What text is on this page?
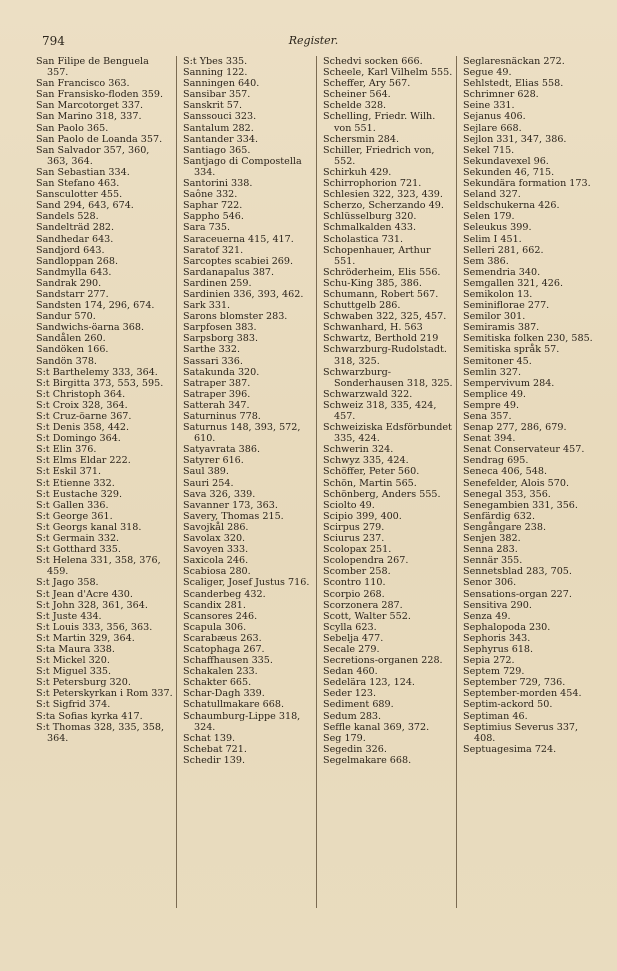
794	Register.
San Filipe de Benguela 357.
San Francisco 363.
San Fransisko-floden 359.
San Marcotorget 337.
San Marino 318, 337.
San Paolo 365.
San Paolo de Loanda 357.
San Salvador 357, 360, 363, 364.
San Sebastian 334.
San Stefano 463.
Sansculotter 455.
Sand 294, 643, 674.
Sandels 528.
Sandelträd 282.
Sandhedar 643.
Sandjord 643.
Sandloppan 268.
Sandmylla 643.
Sandrak 290.
Sandstarr 277.
Sandsten 174, 296, 674.
Sandur 570.
Sandwichs-öarna 368.
Sandålen 260.
Sandöken 166.
Sandön 378.
S:t Barthelemy 333, 364.
S:t Birgitta 373, 553, 595.
S:t Christoph 364.
S:t Croix 328, 364.
S:t Cruz-öarne 367.
S:t Denis 358, 442.
S:t Domingo 364.
S:t Elin 376.
S:t Elms Eldar 222.
S:t Eskil 371.
S:t Etienne 332.
S:t Eustache 329.
S:t Gallen 336.
S:t George 361.
S:t Georgs kanal 318.
S:t Germain 332.
S:t Gotthard 335.
S:t Helena 331, 358, 376, 459.
S:t Jago 358.
S:t Jean d'Acre 430.
S:t John 328, 361, 364.
S:t Juste 434.
S:t Louis 333, 356, 363.
S:t Martin 329, 364.
S:ta Maura 338.
S:t Mickel 320.
S:t Miguel 335.
S:t Petersburg 320.
S:t Peterskyrkan i Rom 337.
S:t Sigfrid 374.
S:ta Sofias kyrka 417.
S:t Thomas 328, 335, 358, 364.
S:t Ybes 335.
Sanning 122.
Sanningen 640.
Sansibar 357.
Sanskrit 57.
Sanssouci 323.
Santalum 282.
Santander 334.
Santiago 365.
Santjago di Compostella 334.
Santorini 338.
Saône 332.
Saphar 722.
Sappho 546.
Sara 735.
Saraceuerna 415, 417.
Saratof 321.
Sarcoptes scabiei 269.
Sardanapalus 387.
Sardinen 259.
Sardinien 336, 393, 462.
Sark 331.
Sarons blomster 283.
Sarpfosen 383.
Sarpsborg 383.
Sarthe 332.
Sassari 336.
Satakunda 320.
Satraper 387.
Satraper 396.
Satterah 347.
Saturninus 778.
Saturnus 148, 393, 572, 610.
Satyavrata 386.
Satyrer 616.
Saul 389.
Sauri 254.
Sava 326, 339.
Savanner 173, 363.
Savery, Thomas 215.
Savojkål 286.
Savolax 320.
Savoyen 333.
Saxicola 246.
Scabiosa 280.
Scaliger, Josef Justus 716.
Scanderbeg 432.
Scandix 281.
Scansores 246.
Scapula 306.
Scarabæus 263.
Scatophaga 267.
Schaffhausen 335.
Schakalen 233.
Schakter 665.
Schar-Dagh 339.
Schatullmakare 668.
Schaumburg-Lippe 318, 324.
Schat 139.
Schebat 721.
Schedir 139.
Schedvi socken 666.
Scheele, Karl Vilhelm 555.
Scheffer, Ary 567.
Scheiner 564.
Schelde 328.
Schelling, Friedr. Wilh. von 551.
Schersmin 284.
Schiller, Friedrich von, 552.
Schirkuh 429.
Schirrophorion 721.
Schlesien 322, 323, 439.
Scherzo, Scherzando 49.
Schlüsselburg 320.
Schmalkalden 433.
Scholastica 731.
Schopenhauer, Arthur 551.
Schröderheim, Elis 556.
Schu-King 385, 386.
Schumann, Robert 567.
Schuttgelb 286.
Schwaben 322, 325, 457.
Schwanhard, H. 563
Schwartz, Berthold 219
Schwarzburg-Rudolstadt. 318, 325.
Schwarzburg-Sonderhausen 318, 325.
Schwarzwald 322.
Schweiz 318, 335, 424, 457.
Schweiziska Edsförbundet 335, 424.
Schwerin 324.
Schwyz 335, 424.
Schöffer, Peter 560.
Schön, Martin 565.
Schönberg, Anders 555.
Sciolto 49.
Scipio 399, 400.
Scirpus 279.
Sciurus 237.
Scolopax 251.
Scolopendra 267.
Scomber 258.
Scontro 110.
Scorpio 268.
Scorzonera 287.
Scott, Walter 552.
Scylla 623.
Sebelja 477.
Secale 279.
Secretions-organen 228.
Sedan 460.
Sedelära 123, 124.
Seder 123.
Sediment 689.
Sedum 283.
Seffle kanal 369, 372.
Seg 179.
Segedin 326.
Segelmakare 668.
Seglaresnäckan 272.
Segue 49.
Sehlstedt, Elias 558.
Schrimner 628.
Seine 331.
Sejanus 406.
Sejlare 668.
Sejlon 331, 347, 386.
Sekel 715.
Sekundavexel 96.
Sekunden 46, 715.
Sekundära formation 173.
Seland 327.
Seldschukerna 426.
Selen 179.
Seleukus 399.
Selim I 451.
Selleri 281, 662.
Sem 386.
Semendria 340.
Semgallen 321, 426.
Semikolon 13.
Seminiflorae 277.
Semilor 301.
Semiramis 387.
Semitiska folken 230, 585.
Semitiska språk 57.
Semitoner 45.
Semlin 327.
Sempervivum 284.
Semplice 49.
Sempre 49.
Sena 357.
Senap 277, 286, 679.
Senat 394.
Senat Conservateur 457.
Sendrag 695.
Seneca 406, 548.
Senefelder, Alois 570.
Senegal 353, 356.
Senegambien 331, 356.
Senfärdig 632.
Sengångare 238.
Senjen 382.
Senna 283.
Sennär 355.
Sennetsblad 283, 705.
Senor 306.
Sensations-organ 227.
Sensitiva 290.
Senza 49.
Sephalopoda 230.
Sephoris 343.
Sephyrus 618.
Sepia 272.
Septem 729.
September 729, 736.
September-morden 454.
Septim-ackord 50.
Septiman 46.
Septimius Severus 337, 408.
Septuagesima 724.
